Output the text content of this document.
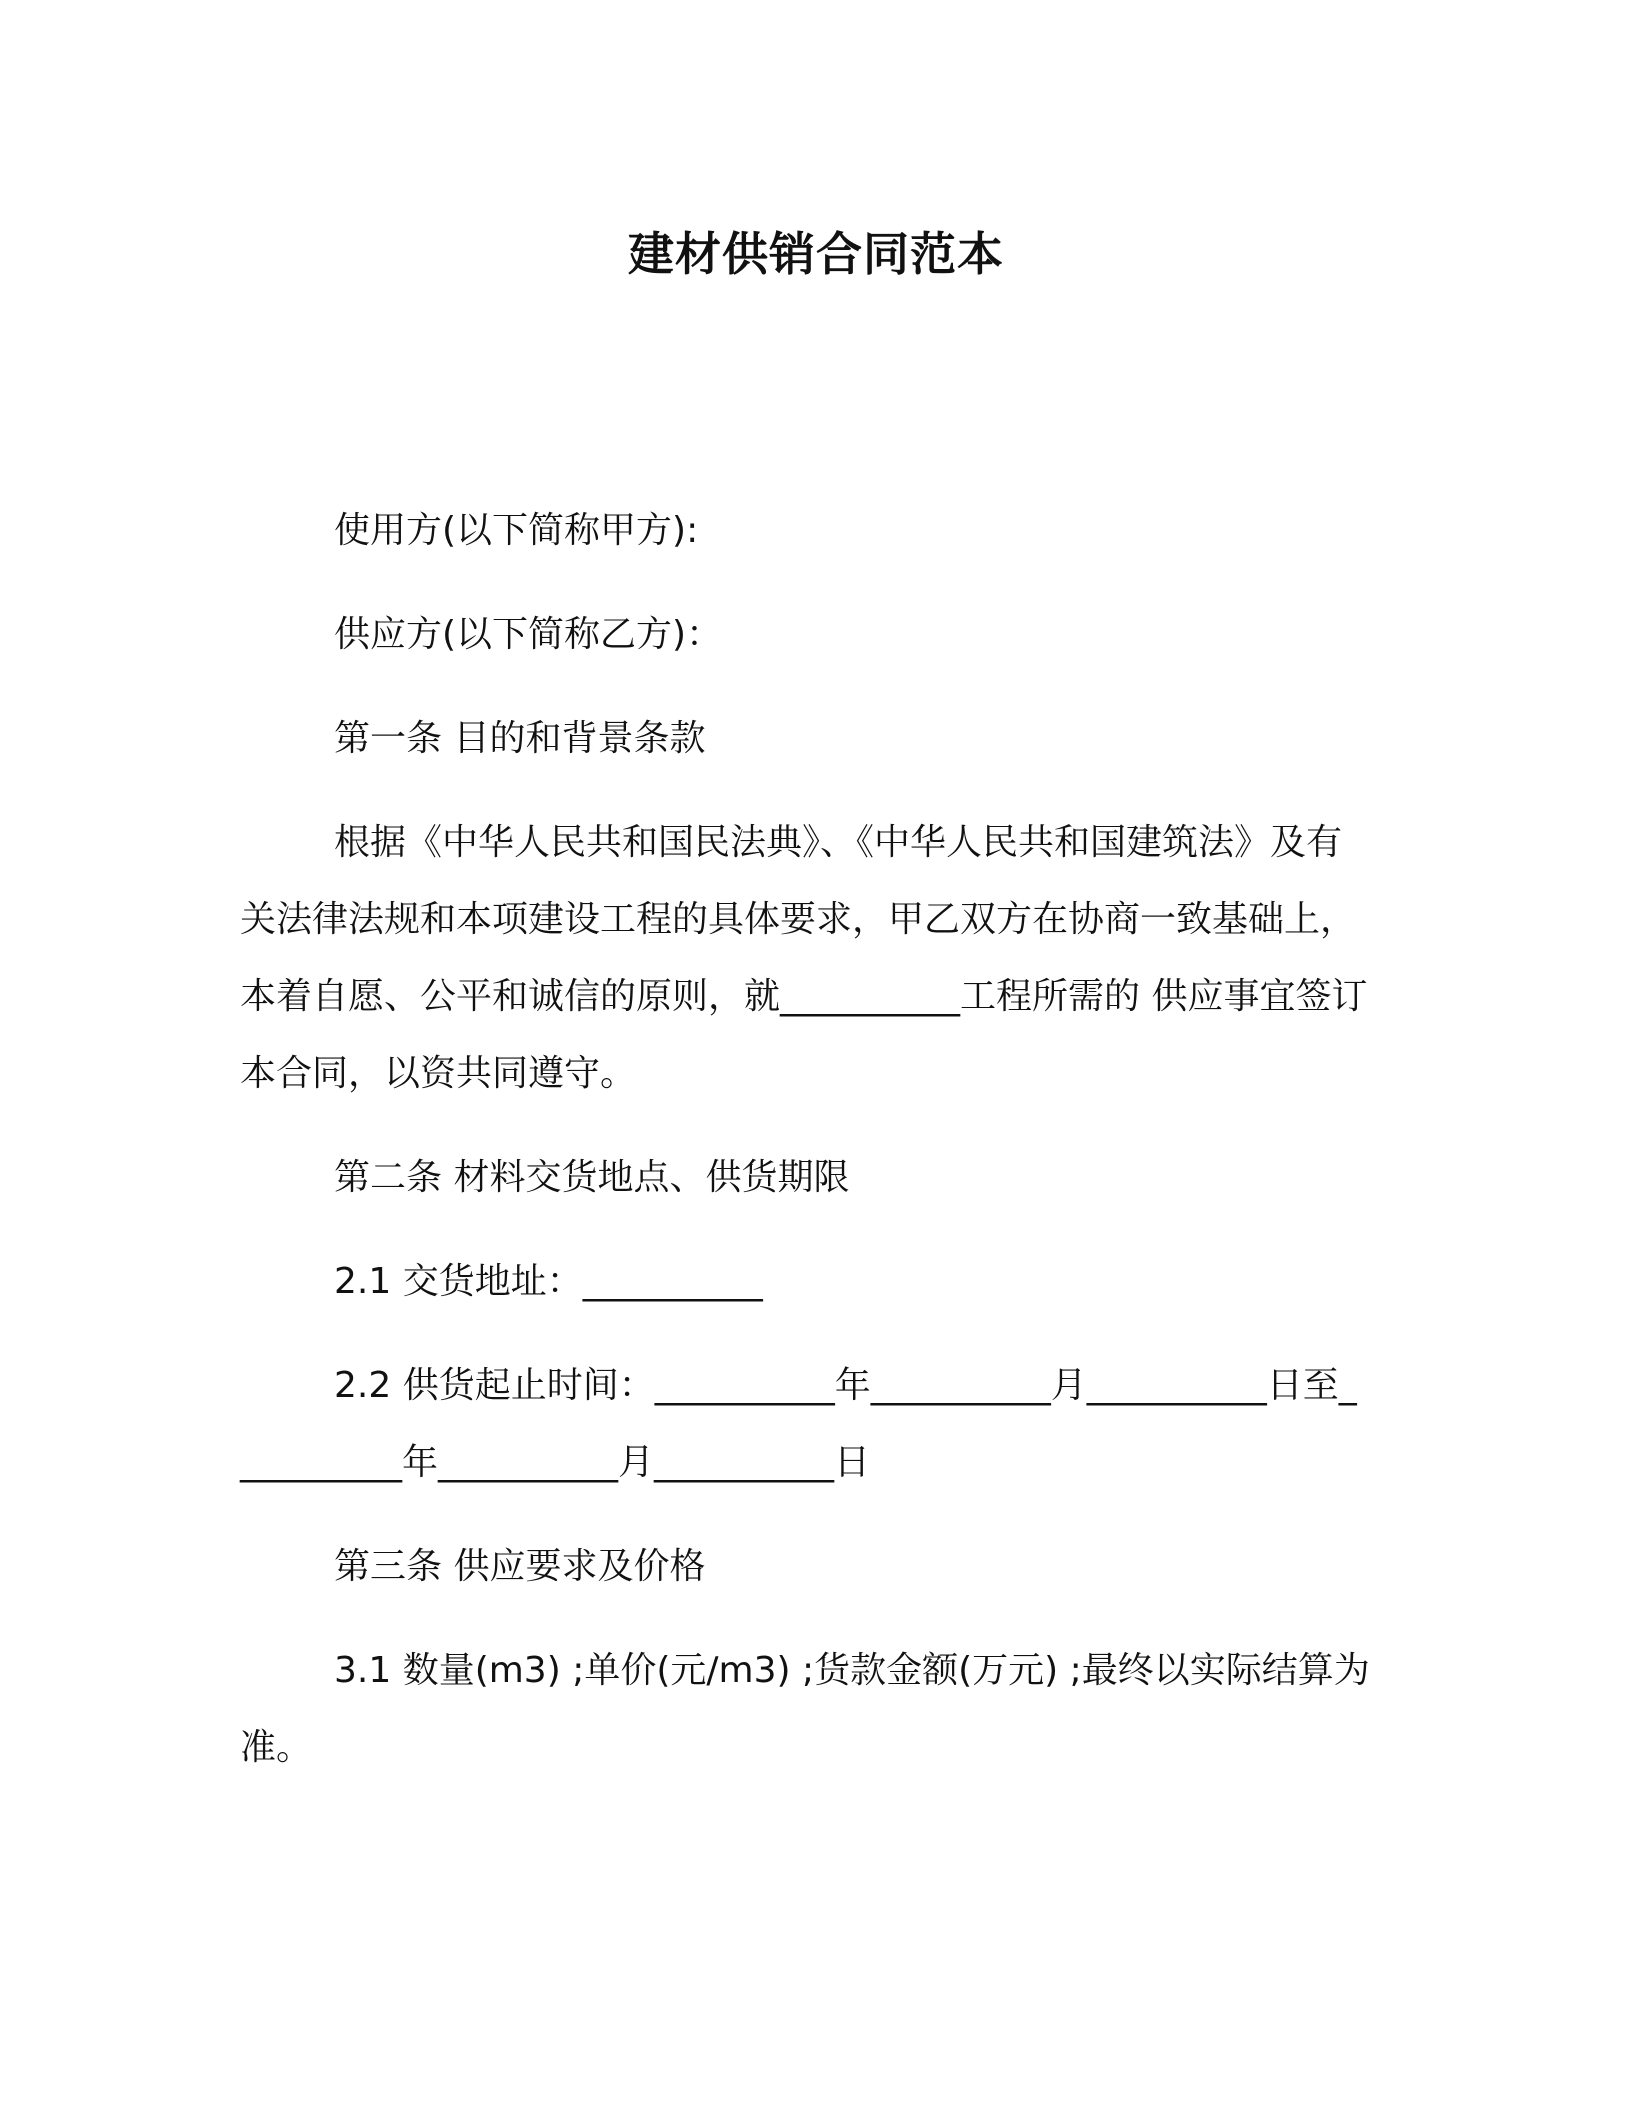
建材供销合同范本

使用方(以下简称甲方):

供应方(以下简称乙方)：

第一条 目的和背景条款

根据《中华人民共和国民法典》、《中华人民共和国建筑法》及有关法律法规和本项建设工程的具体要求，甲乙双方在协商一致基础上，本着自愿、公平和诚信的原则，就__________工程所需的 供应事宜签订本合同，以资共同遵守。

第二条 材料交货地点、供货期限

2.1 交货地址：__________

2.2 供货起止时间：__________年__________月__________日至__________年__________月__________日

第三条 供应要求及价格

3.1 数量(m3) ;单价(元/m3) ;货款金额(万元) ;最终以实际结算为准。
